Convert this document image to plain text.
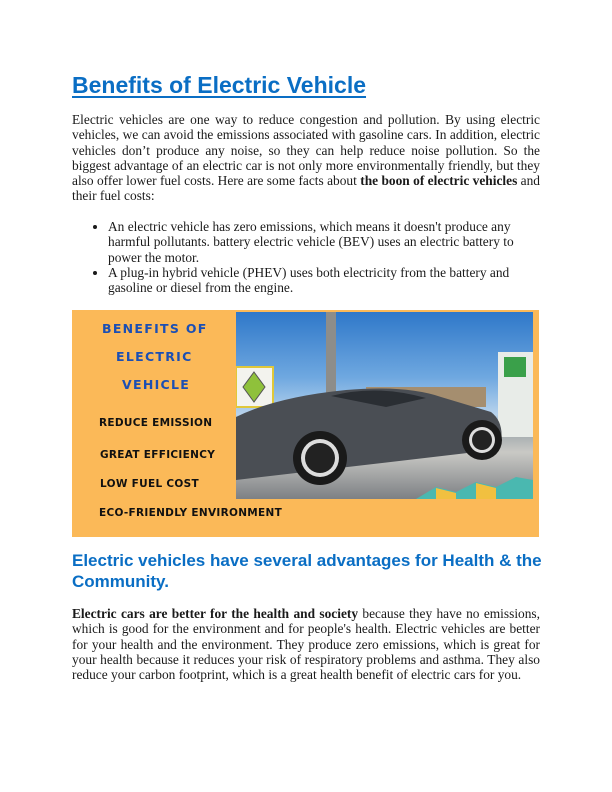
Benefits of Electric Vehicle

Electric vehicles are one way to reduce congestion and pollution. By using electric vehicles, we can avoid the emissions associated with gasoline cars. In addition, electric vehicles don’t produce any noise, so they can help reduce noise pollution. So the biggest advantage of an electric car is not only more environmentally friendly, but they also offer lower fuel costs. Here are some facts about the boon of electric vehicles and their fuel costs:

• An electric vehicle has zero emissions, which means it doesn't produce any harmful pollutants. battery electric vehicle (BEV) uses an electric battery to power the motor.
• A plug-in hybrid vehicle (PHEV) uses both electricity from the battery and gasoline or diesel from the engine.
BENEFITS OF
ELECTRIC
VEHICLE
REDUCE EMISSION
GREAT EFFICIENCY
LOW FUEL COST
ECO-FRIENDLY ENVIRONMENT
Electric vehicles have several advantages for Health & the Community.

Electric cars are better for the health and society because they have no emissions, which is good for the environment and for people's health. Electric vehicles are better for your health and the environment. They produce zero emissions, which is great for your health because it reduces your risk of respiratory problems and asthma. They also reduce your carbon footprint, which is a great health benefit of electric cars for you.
